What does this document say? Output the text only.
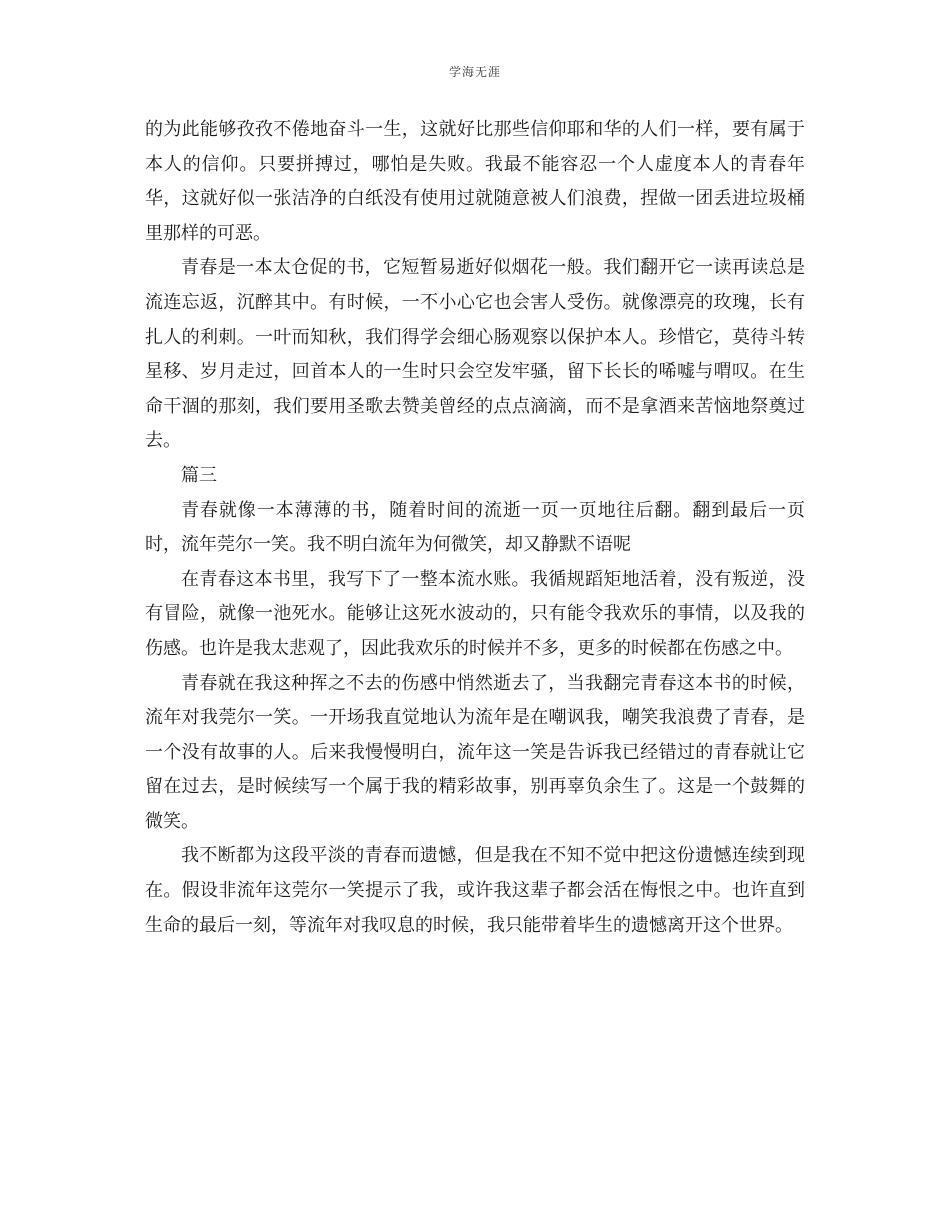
学海无涯

的为此能够孜孜不倦地奋斗一生，这就好比那些信仰耶和华的人们一样，要有属于本人的信仰。只要拼搏过，哪怕是失败。我最不能容忍一个人虚度本人的青春年华，这就好似一张洁净的白纸没有使用过就随意被人们浪费，捏做一团丢进垃圾桶里那样的可恶。

青春是一本太仓促的书，它短暂易逝好似烟花一般。我们翻开它一读再读总是流连忘返，沉醉其中。有时候，一不小心它也会害人受伤。就像漂亮的玫瑰，长有扎人的利刺。一叶而知秋，我们得学会细心肠观察以保护本人。珍惜它，莫待斗转星移、岁月走过，回首本人的一生时只会空发牢骚，留下长长的唏嘘与喟叹。在生命干涸的那刻，我们要用圣歌去赞美曾经的点点滴滴，而不是拿酒来苦恼地祭奠过去。

篇三

青春就像一本薄薄的书，随着时间的流逝一页一页地往后翻。翻到最后一页时，流年莞尔一笑。我不明白流年为何微笑，却又静默不语呢

在青春这本书里，我写下了一整本流水账。我循规蹈矩地活着，没有叛逆，没有冒险，就像一池死水。能够让这死水波动的，只有能令我欢乐的事情，以及我的伤感。也许是我太悲观了，因此我欢乐的时候并不多，更多的时候都在伤感之中。

青春就在我这种挥之不去的伤感中悄然逝去了，当我翻完青春这本书的时候，流年对我莞尔一笑。一开场我直觉地认为流年是在嘲讽我，嘲笑我浪费了青春，是一个没有故事的人。后来我慢慢明白，流年这一笑是告诉我已经错过的青春就让它留在过去，是时候续写一个属于我的精彩故事，别再辜负余生了。这是一个鼓舞的微笑。

我不断都为这段平淡的青春而遗憾，但是我在不知不觉中把这份遗憾连续到现在。假设非流年这莞尔一笑提示了我，或许我这辈子都会活在悔恨之中。也许直到生命的最后一刻，等流年对我叹息的时候，我只能带着毕生的遗憾离开这个世界。
